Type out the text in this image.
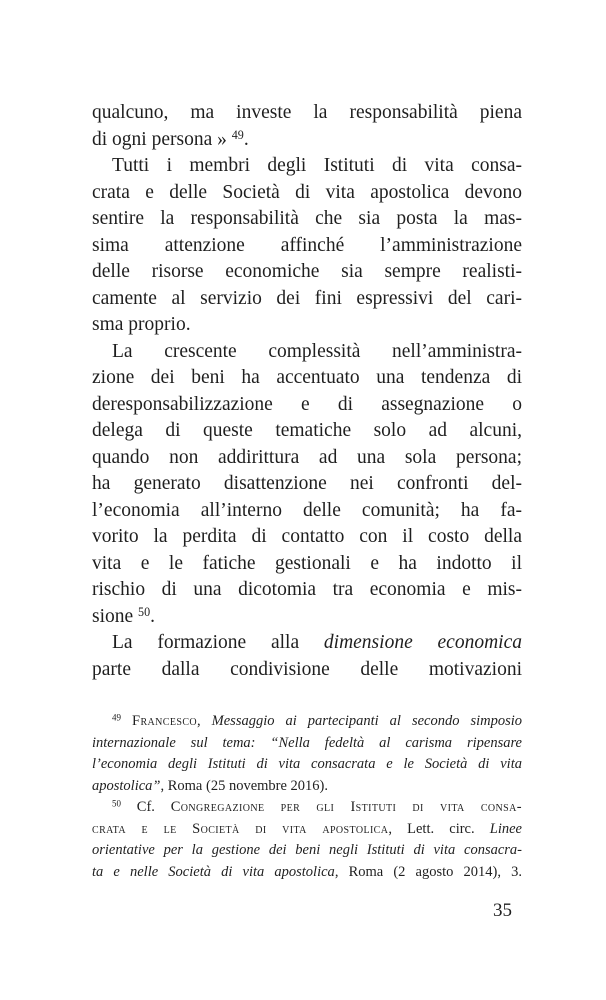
qualcuno, ma investe la responsabilità piena
di ogni persona » $^{49}$.
Tutti i membri degli Istituti di vita consa-
crata e delle Società di vita apostolica devono
sentire la responsabilità che sia posta la mas-
sima attenzione affinché l’amministrazione
delle risorse economiche sia sempre realisti-
camente al servizio dei fini espressivi del cari-
sma proprio.
La crescente complessità nell’amministra-
zione dei beni ha accentuato una tendenza di
deresponsabilizzazione e di assegnazione o
delega di queste tematiche solo ad alcuni,
quando non addirittura ad una sola persona;
ha generato disattenzione nei confronti del-
l’economia all’interno delle comunità; ha fa-
vorito la perdita di contatto con il costo della
vita e le fatiche gestionali e ha indotto il
rischio di una dicotomia tra economia e mis-
sione $^{50}$.
La formazione alla dimensione economica
parte dalla condivisione delle motivazioni
$^{49}$ Francesco, Messaggio ai partecipanti al secondo simposio
internazionale sul tema: “Nella fedeltà al carisma ripensare
l’economia degli Istituti di vita consacrata e le Società di vita
apostolica”, Roma (25 novembre 2016).
$^{50}$ Cf. Congregazione per gli Istituti di vita consa-
crata e le Società di vita apostolica, Lett. circ. Linee
orientative per la gestione dei beni negli Istituti di vita consacra-
ta e nelle Società di vita apostolica, Roma (2 agosto 2014), 3.
35
